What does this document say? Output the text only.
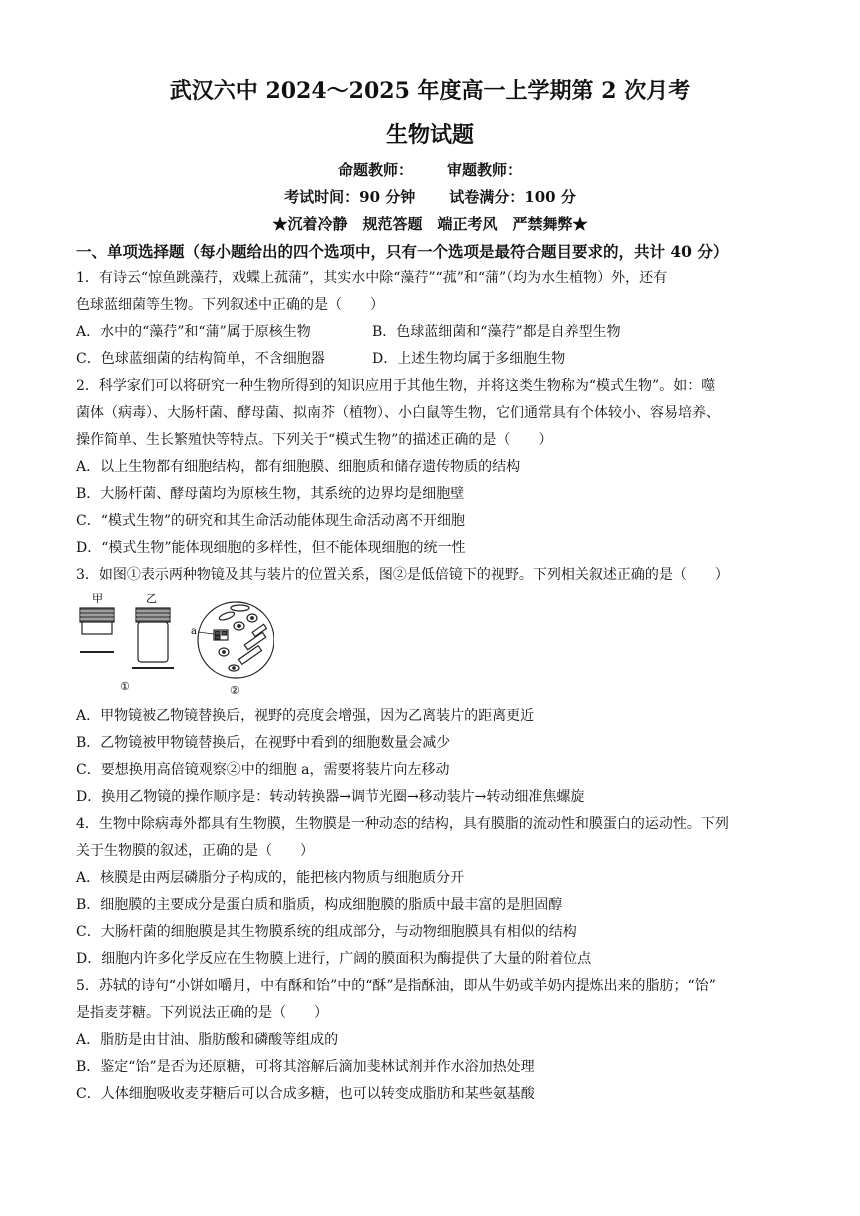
武汉六中 2024～2025 年度高一上学期第 2 次月考
生物试题
命题教师： 审题教师：
考试时间：90 分钟 试卷满分：100 分
★沉着冷静　规范答题　端正考风　严禁舞弊★
一、单项选择题（每小题给出的四个选项中，只有一个选项是最符合题目要求的，共计 40 分）
1．有诗云“惊鱼跳藻荇，戏蝶上菰蒲”，其实水中除“藻荇”“菰”和“蒲”（均为水生植物）外，还有
色球蓝细菌等生物。下列叙述中正确的是（　　）
A．水中的“藻荇”和“蒲”属于原核生物	B．色球蓝细菌和“藻荇”都是自养型生物
C．色球蓝细菌的结构简单，不含细胞器	D．上述生物均属于多细胞生物
2．科学家们可以将研究一种生物所得到的知识应用于其他生物，并将这类生物称为“模式生物”。如：噬
菌体（病毒）、大肠杆菌、酵母菌、拟南芥（植物）、小白鼠等生物，它们通常具有个体较小、容易培养、
操作简单、生长繁殖快等特点。下列关于“模式生物”的描述正确的是（　　）
A．以上生物都有细胞结构，都有细胞膜、细胞质和储存遗传物质的结构
B．大肠杆菌、酵母菌均为原核生物，其系统的边界均是细胞壁
C．“模式生物”的研究和其生命活动能体现生命活动离不开细胞
D．“模式生物”能体现细胞的多样性，但不能体现细胞的统一性
3．如图①表示两种物镜及其与装片的位置关系，图②是低倍镜下的视野。下列相关叙述正确的是（　　）
甲	乙
①
a
②
A．甲物镜被乙物镜替换后，视野的亮度会增强，因为乙离装片的距离更近
B．乙物镜被甲物镜替换后，在视野中看到的细胞数量会减少
C．要想换用高倍镜观察②中的细胞 a，需要将装片向左移动
D．换用乙物镜的操作顺序是：转动转换器→调节光圈→移动装片→转动细准焦螺旋
4．生物中除病毒外都具有生物膜，生物膜是一种动态的结构，具有膜脂的流动性和膜蛋白的运动性。下列
关于生物膜的叙述，正确的是（　　）
A．核膜是由两层磷脂分子构成的，能把核内物质与细胞质分开
B．细胞膜的主要成分是蛋白质和脂质，构成细胞膜的脂质中最丰富的是胆固醇
C．大肠杆菌的细胞膜是其生物膜系统的组成部分，与动物细胞膜具有相似的结构
D．细胞内许多化学反应在生物膜上进行，广阔的膜面积为酶提供了大量的附着位点
5．苏轼的诗句“小饼如嚼月，中有酥和饴”中的“酥”是指酥油，即从牛奶或羊奶内提炼出来的脂肪；“饴”
是指麦芽糖。下列说法正确的是（　　）
A．脂肪是由甘油、脂肪酸和磷酸等组成的
B．鉴定“饴”是否为还原糖，可将其溶解后滴加斐林试剂并作水浴加热处理
C．人体细胞吸收麦芽糖后可以合成多糖，也可以转变成脂肪和某些氨基酸
